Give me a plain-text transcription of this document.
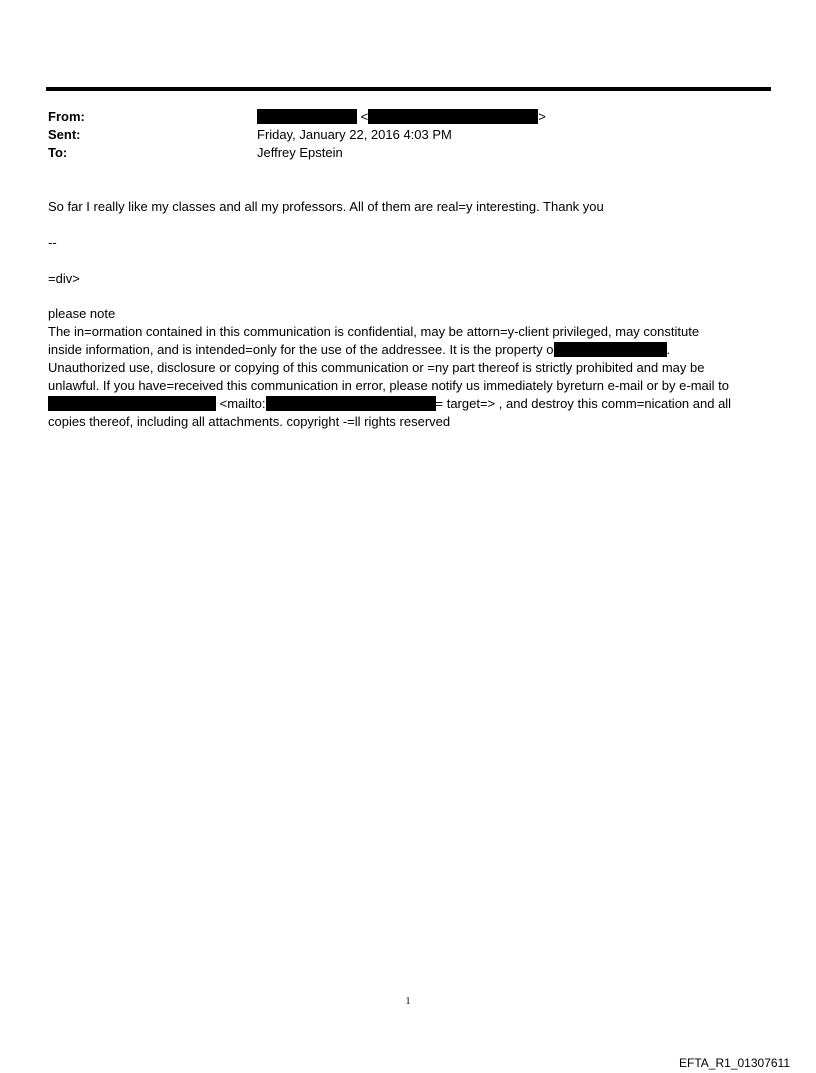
From:	<	>
Sent:	Friday, January 22, 2016 4:03 PM
To:	Jeffrey Epstein
So far I really like my classes and all my professors. All of them are real=y interesting. Thank you
--
=div>
please note
The in=ormation contained in this communication is confidential, may be attorn=y-client privileged, may constitute
inside information, and is intended=only for the use of the addressee. It is the property o	.
Unauthorized use, disclosure or copying of this communication or =ny part thereof is strictly prohibited and may be
unlawful. If you have=received this communication in error, please notify us immediately byreturn e-mail or by e-mail to
<mailto:	= target=> , and destroy this comm=nication and all
copies thereof, including all attachments. copyright -=ll rights reserved
1
EFTA_R1_01307611
